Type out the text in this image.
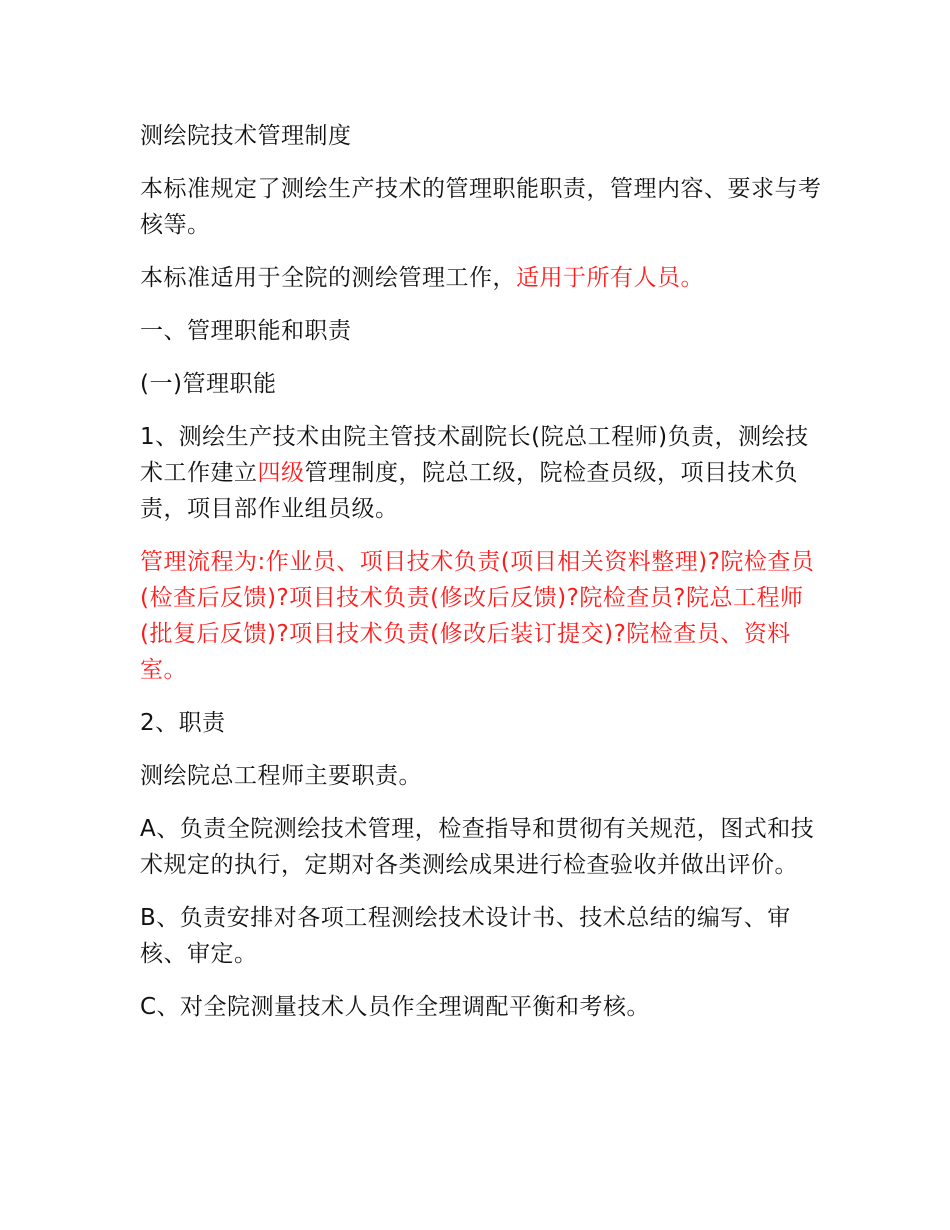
测绘院技术管理制度

本标准规定了测绘生产技术的管理职能职责，管理内容、要求与考核等。

本标准适用于全院的测绘管理工作，适用于所有人员。

一、管理职能和职责

(一)管理职能

1、测绘生产技术由院主管技术副院长(院总工程师)负责，测绘技术工作建立四级管理制度，院总工级，院检查员级，项目技术负责，项目部作业组员级。

管理流程为:作业员、项目技术负责(项目相关资料整理)?院检查员(检查后反馈)?项目技术负责(修改后反馈)?院检查员?院总工程师(批复后反馈)?项目技术负责(修改后装订提交)?院检查员、资料室。

2、职责

测绘院总工程师主要职责。

A、负责全院测绘技术管理，检查指导和贯彻有关规范，图式和技术规定的执行，定期对各类测绘成果进行检查验收并做出评价。

B、负责安排对各项工程测绘技术设计书、技术总结的编写、审核、审定。

C、对全院测量技术人员作全理调配平衡和考核。
